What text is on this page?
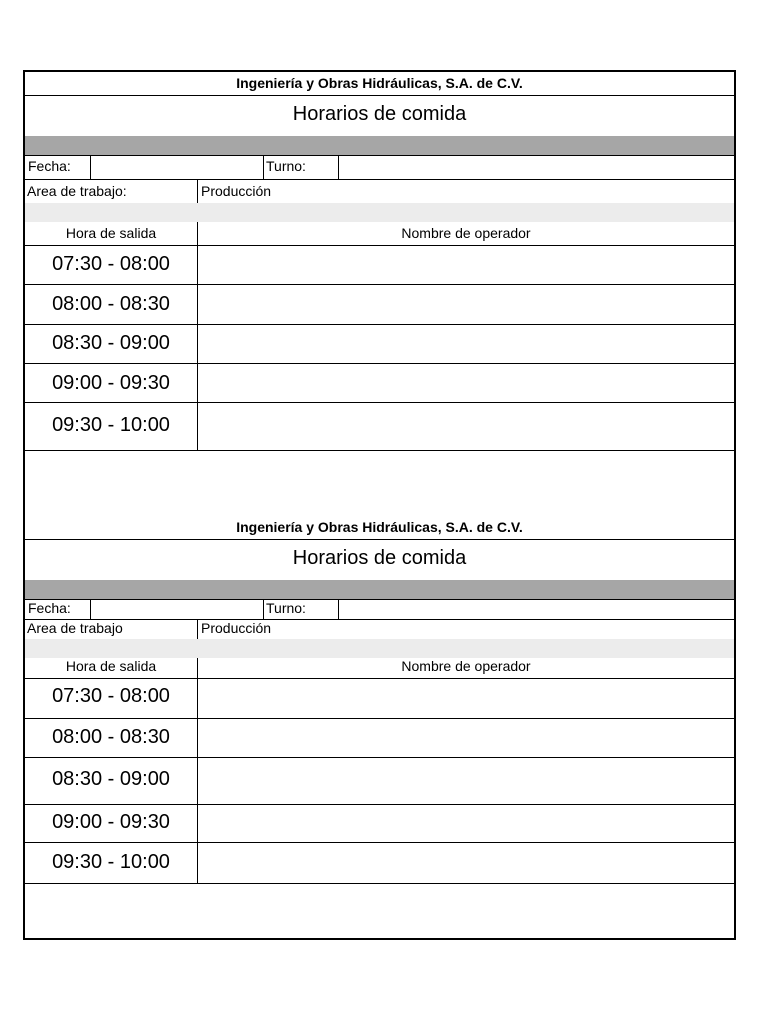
Ingeniería y Obras Hidráulicas, S.A. de C.V.
Horarios de comida
Fecha:	Turno:
Area de trabajo:	Producción
Hora de salida	Nombre de operador
07:30 - 08:00
08:00 - 08:30
08:30 - 09:00
09:00 - 09:30
09:30 - 10:00
Ingeniería y Obras Hidráulicas, S.A. de C.V.
Horarios de comida
Fecha:	Turno:
Area de trabajo	Producción
Hora de salida	Nombre de operador
07:30 - 08:00
08:00 - 08:30
08:30 - 09:00
09:00 - 09:30
09:30 - 10:00
